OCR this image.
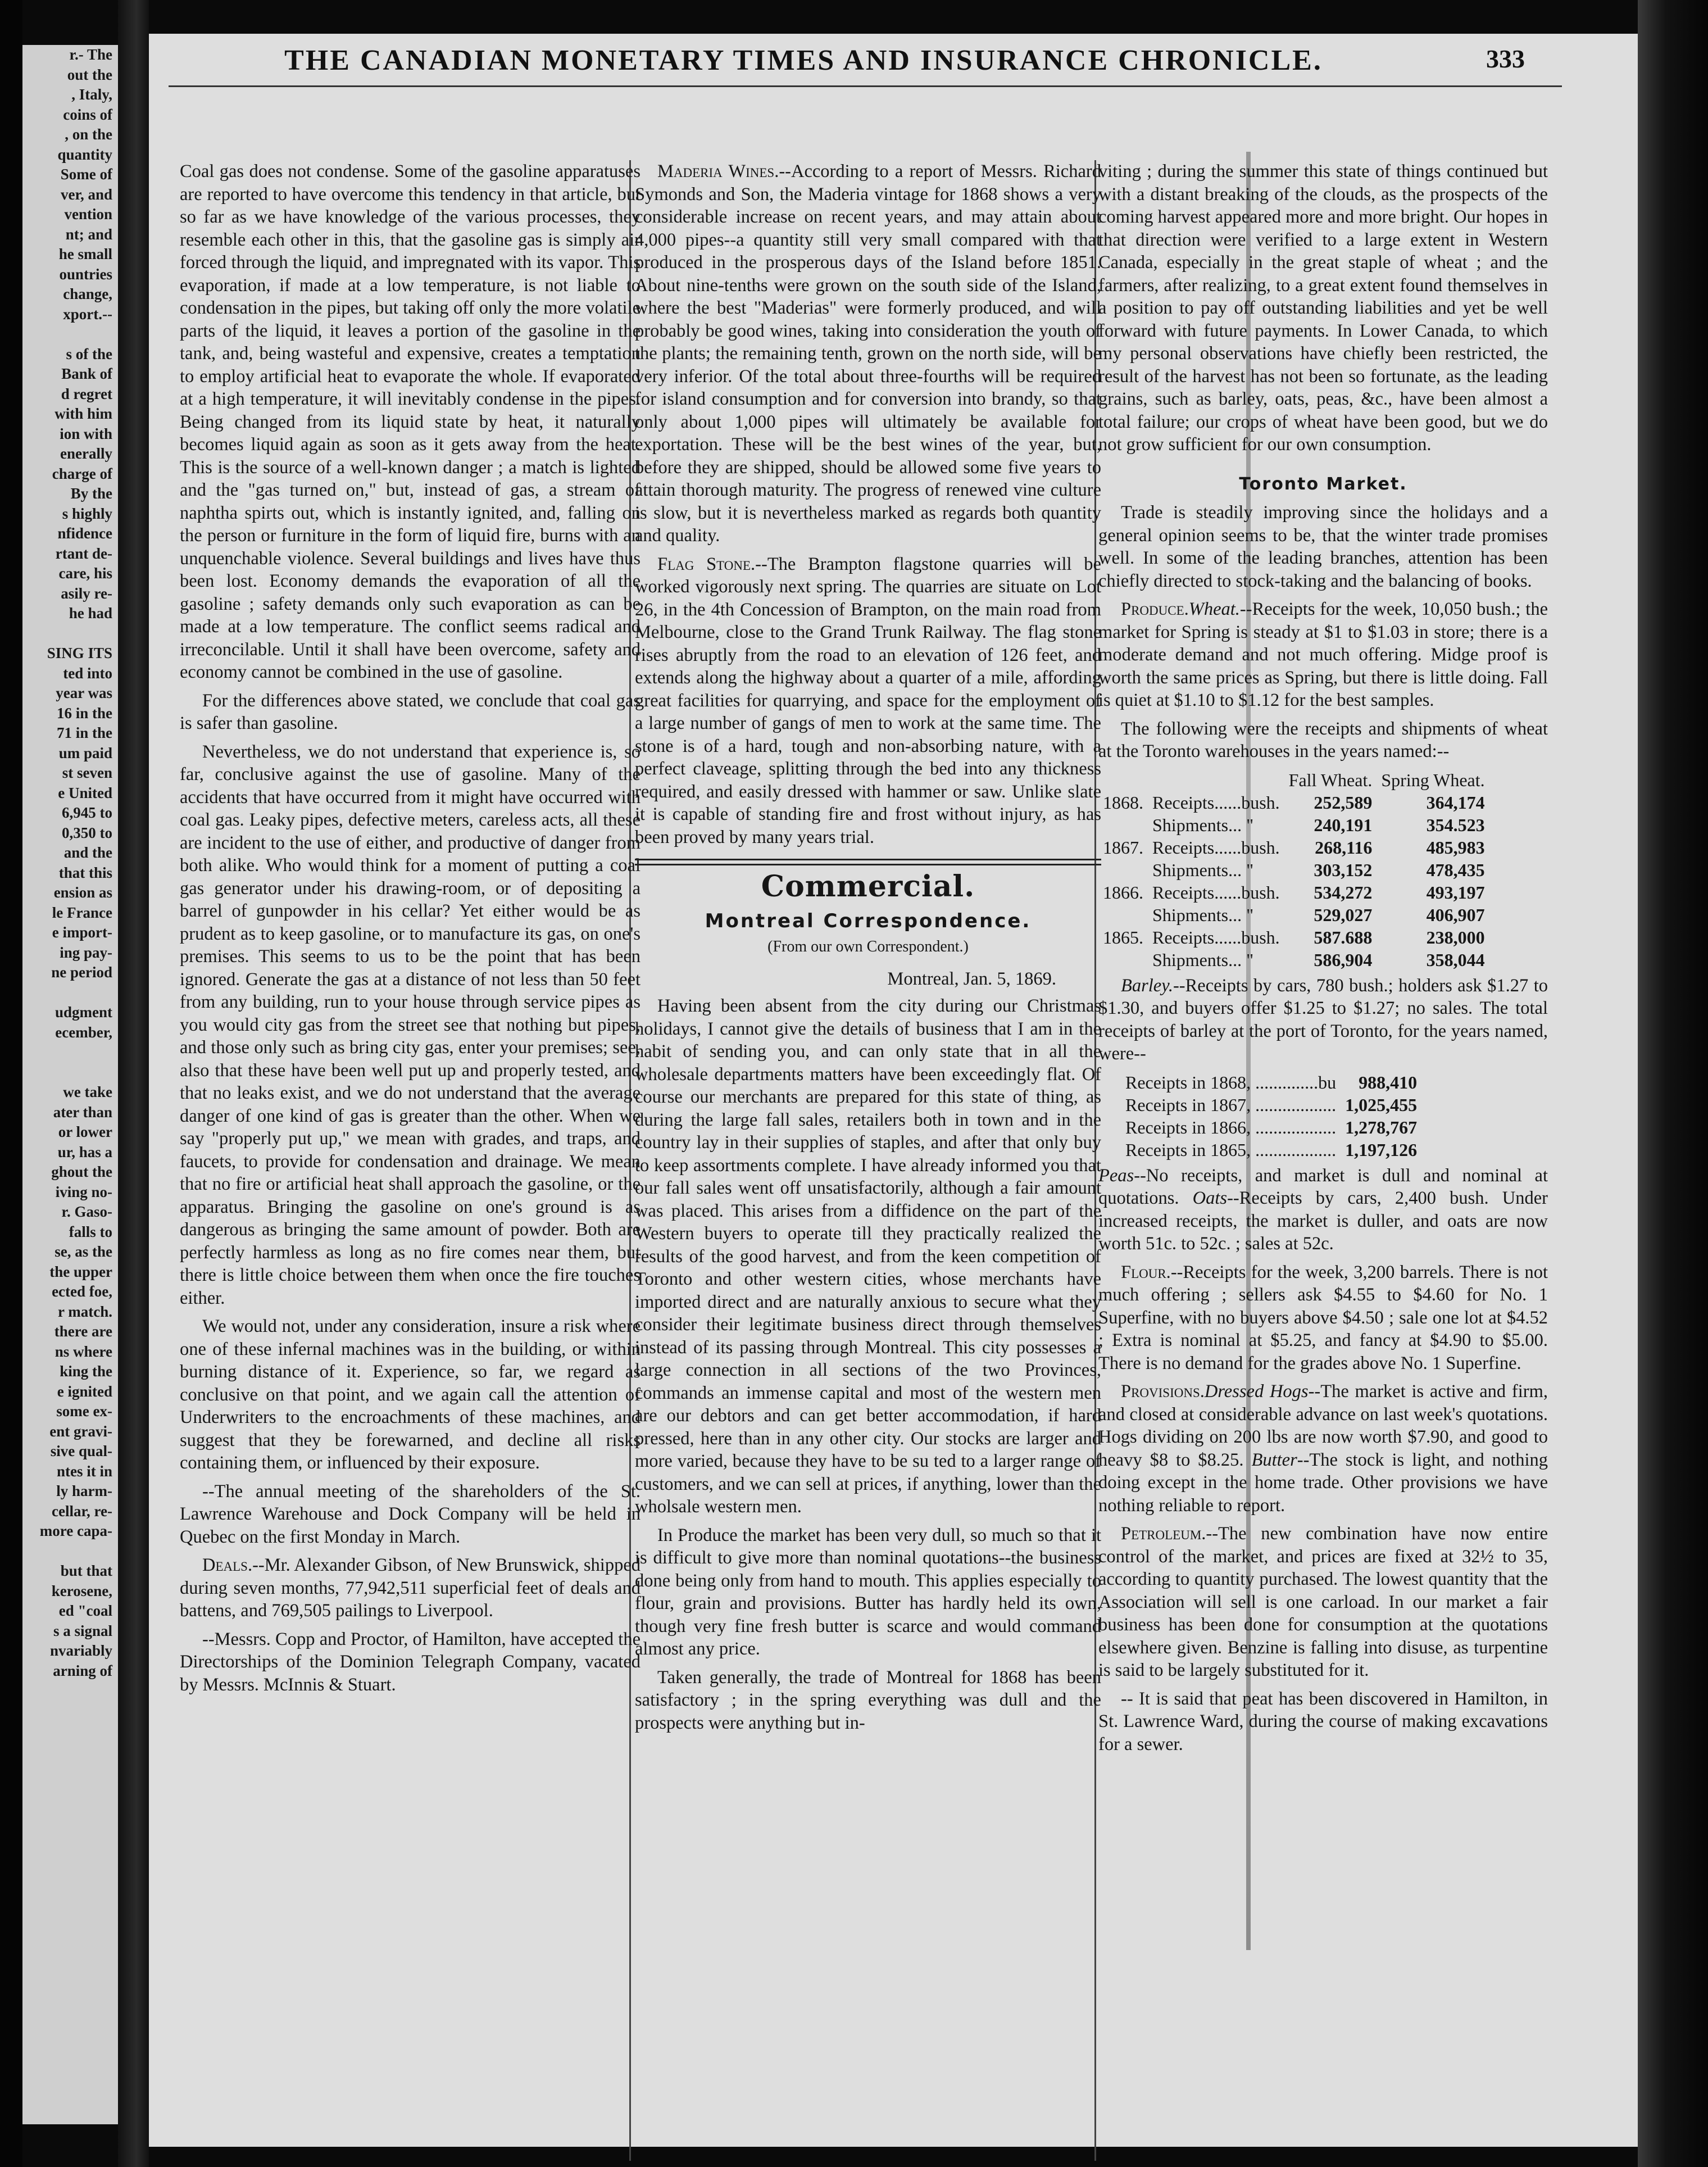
r.- The
out the
, Italy,
coins of
, on the
quantity
Some of
ver, and
vention
nt; and
he small
ountries
change,
xport.--

s of the
Bank of
d regret
with him
ion with
enerally
charge of
By the
s highly
nfidence
rtant de-
care, his
asily re-
he had

SING ITS
ted into
year was
16 in the
71 in the
um paid
st seven
e United
6,945 to
0,350 to
and the
that this
ension as
le France
e import-
ing pay-
ne period

udgment
ecember,

we take
ater than
or lower
ur, has a
ghout the
iving no-
r. Gaso-
falls to
se, as the
the upper
ected foe,
r match.
there are
ns where
king the
e ignited
some ex-
ent gravi-
sive qual-
ntes it in
ly harm-
cellar, re-
more capa-

but that
kerosene,
ed "coal
s a signal
nvariably
arning of
THE CANADIAN MONETARY TIMES AND INSURANCE CHRONICLE.	333

Coal gas does not condense. Some of the gasoline apparatuses are reported to have overcome this tendency in that article, but so far as we have knowledge of the various processes, they resemble each other in this, that the gasoline gas is simply air forced through the liquid, and impregnated with its vapor. This evaporation, if made at a low temperature, is not liable to condensation in the pipes, but taking off only the more volatile parts of the liquid, it leaves a portion of the gasoline in the tank, and, being wasteful and expensive, creates a temptation to employ artificial heat to evaporate the whole. If evaporated at a high temperature, it will inevitably condense in the pipes. Being changed from its liquid state by heat, it naturally becomes liquid again as soon as it gets away from the heat. This is the source of a well-known danger ; a match is lighted and the "gas turned on," but, instead of gas, a stream of naphtha spirts out, which is instantly ignited, and, falling on the person or furniture in the form of liquid fire, burns with an unquenchable violence. Several buildings and lives have thus been lost. Economy demands the evaporation of all the gasoline ; safety demands only such evaporation as can be made at a low temperature. The conflict seems radical and irreconcilable. Until it shall have been overcome, safety and economy cannot be combined in the use of gasoline.

For the differences above stated, we conclude that coal gas is safer than gasoline.

Nevertheless, we do not understand that experience is, so far, conclusive against the use of gasoline. Many of the accidents that have occurred from it might have occurred with coal gas. Leaky pipes, defective meters, careless acts, all these are incident to the use of either, and productive of danger from both alike. Who would think for a moment of putting a coal gas generator under his drawing-room, or of depositing a barrel of gunpowder in his cellar? Yet either would be as prudent as to keep gasoline, or to manufacture its gas, on one's premises. This seems to us to be the point that has been ignored. Generate the gas at a distance of not less than 50 feet from any building, run to your house through service pipes as you would city gas from the street see that nothing but pipes, and those only such as bring city gas, enter your premises; see, also that these have been well put up and properly tested, and that no leaks exist, and we do not understand that the average danger of one kind of gas is greater than the other. When we say "properly put up," we mean with grades, and traps, and faucets, to provide for condensation and drainage. We mean that no fire or artificial heat shall approach the gasoline, or the apparatus. Bringing the gasoline on one's ground is as dangerous as bringing the same amount of powder. Both are perfectly harmless as long as no fire comes near them, but there is little choice between them when once the fire touches either.

We would not, under any consideration, insure a risk where one of these infernal machines was in the building, or within burning distance of it. Experience, so far, we regard as conclusive on that point, and we again call the attention of Underwriters to the encroachments of these machines, and suggest that they be forewarned, and decline all risks containing them, or influenced by their exposure.

--The annual meeting of the shareholders of the St. Lawrence Warehouse and Dock Company will be held in Quebec on the first Monday in March.

Deals.--Mr. Alexander Gibson, of New Brunswick, shipped during seven months, 77,942,511 superficial feet of deals and battens, and 769,505 pailings to Liverpool.

--Messrs. Copp and Proctor, of Hamilton, have accepted the Directorships of the Dominion Telegraph Company, vacated by Messrs. McInnis & Stuart.

Maderia Wines.--According to a report of Messrs. Richard Symonds and Son, the Maderia vintage for 1868 shows a very considerable increase on recent years, and may attain about 4,000 pipes--a quantity still very small compared with that produced in the prosperous days of the Island before 1851. About nine-tenths were grown on the south side of the Island, where the best "Maderias" were formerly produced, and will probably be good wines, taking into consideration the youth of the plants; the remaining tenth, grown on the north side, will be very inferior. Of the total about three-fourths will be required for island consumption and for conversion into brandy, so that only about 1,000 pipes will ultimately be available for exportation. These will be the best wines of the year, but, before they are shipped, should be allowed some five years to attain thorough maturity. The progress of renewed vine culture is slow, but it is nevertheless marked as regards both quantity and quality.

Flag Stone.--The Brampton flagstone quarries will be worked vigorously next spring. The quarries are situate on Lot 26, in the 4th Concession of Brampton, on the main road from Melbourne, close to the Grand Trunk Railway. The flag stone rises abruptly from the road to an elevation of 126 feet, and extends along the highway about a quarter of a mile, affording great facilities for quarrying, and space for the employment of a large number of gangs of men to work at the same time. The stone is of a hard, tough and non-absorbing nature, with a perfect claveage, splitting through the bed into any thickness required, and easily dressed with hammer or saw. Unlike slate it is capable of standing fire and frost without injury, as has been proved by many years trial.

Commercial.
Montreal Correspondence.
(From our own Correspondent.)
Montreal, Jan. 5, 1869.

Having been absent from the city during our Christmas holidays, I cannot give the details of business that I am in the habit of sending you, and can only state that in all the wholesale departments matters have been exceedingly flat. Of course our merchants are prepared for this state of thing, as during the large fall sales, retailers both in town and in the country lay in their supplies of staples, and after that only buy to keep assortments complete. I have already informed you that our fall sales went off unsatisfactorily, although a fair amount was placed. This arises from a diffidence on the part of the Western buyers to operate till they practically realized the results of the good harvest, and from the keen competition of Toronto and other western cities, whose merchants have imported direct and are naturally anxious to secure what they consider their legitimate business direct through themselves instead of its passing through Montreal. This city possesses a large connection in all sections of the two Provinces, commands an immense capital and most of the western men are our debtors and can get better accommodation, if hard pressed, here than in any other city. Our stocks are larger and more varied, because they have to be su ted to a larger range of customers, and we can sell at prices, if anything, lower than the wholsale western men.

In Produce the market has been very dull, so much so that it is difficult to give more than nominal quotations--the business done being only from hand to mouth. This applies especially to flour, grain and provisions. Butter has hardly held its own, though very fine fresh butter is scarce and would command almost any price.

Taken generally, the trade of Montreal for 1868 has been satisfactory ; in the spring everything was dull and the prospects were anything but in-

viting ; during the summer this state of things continued but with a distant breaking of the clouds, as the prospects of the coming harvest appeared more and more bright. Our hopes in that direction were verified to a large extent in Western Canada, especially in the great staple of wheat ; and the farmers, after realizing, to a great extent found themselves in a position to pay off outstanding liabilities and yet be well forward with future payments. In Lower Canada, to which my personal observations have chiefly been restricted, the result of the harvest has not been so fortunate, as the leading grains, such as barley, oats, peas, &c., have been almost a total failure; our crops of wheat have been good, but we do not grow sufficient for our own consumption.

Toronto Market.

Trade is steadily improving since the holidays and a general opinion seems to be, that the winter trade promises well. In some of the leading branches, attention has been chiefly directed to stock-taking and the balancing of books.

Produce.Wheat.--Receipts for the week, 10,050 bush.; the market for Spring is steady at $1 to $1.03 in store; there is a moderate demand and not much offering. Midge proof is worth the same prices as Spring, but there is little doing. Fall is quiet at $1.10 to $1.12 for the best samples.

The following were the receipts and shipments of wheat at the Toronto warehouses in the years named:--

		Fall Wheat.	Spring Wheat.
1868.	Receipts......bush.	252,589	364,174
	Shipments... "	240,191	354.523
1867.	Receipts......bush.	268,116	485,983
	Shipments... "	303,152	478,435
1866.	Receipts......bush.	534,272	493,197
	Shipments... "	529,027	406,907
1865.	Receipts......bush.	587.688	238,000
	Shipments... "	586,904	358,044

Barley.--Receipts by cars, 780 bush.; holders ask $1.27 to $1.30, and buyers offer $1.25 to $1.27; no sales. The total receipts of barley at the port of Toronto, for the years named, were--

Receipts in 1868, ..............bu	988,410
Receipts in 1867, ..................	1,025,455
Receipts in 1866, ..................	1,278,767
Receipts in 1865, ..................	1,197,126

Peas--No receipts, and market is dull and nominal at quotations. Oats--Receipts by cars, 2,400 bush. Under increased receipts, the market is duller, and oats are now worth 51c. to 52c. ; sales at 52c.

Flour.--Receipts for the week, 3,200 barrels. There is not much offering ; sellers ask $4.55 to $4.60 for No. 1 Superfine, with no buyers above $4.50 ; sale one lot at $4.52 ; Extra is nominal at $5.25, and fancy at $4.90 to $5.00. There is no demand for the grades above No. 1 Superfine.

Provisions.Dressed Hogs--The market is active and firm, and closed at considerable advance on last week's quotations. Hogs dividing on 200 lbs are now worth $7.90, and good to heavy $8 to $8.25. Butter--The stock is light, and nothing doing except in the home trade. Other provisions we have nothing reliable to report.

Petroleum.--The new combination have now entire control of the market, and prices are fixed at 32½ to 35, according to quantity purchased. The lowest quantity that the Association will sell is one carload. In our market a fair business has been done for consumption at the quotations elsewhere given. Benzine is falling into disuse, as turpentine is said to be largely substituted for it.

-- It is said that peat has been discovered in Hamilton, in St. Lawrence Ward, during the course of making excavations for a sewer.
